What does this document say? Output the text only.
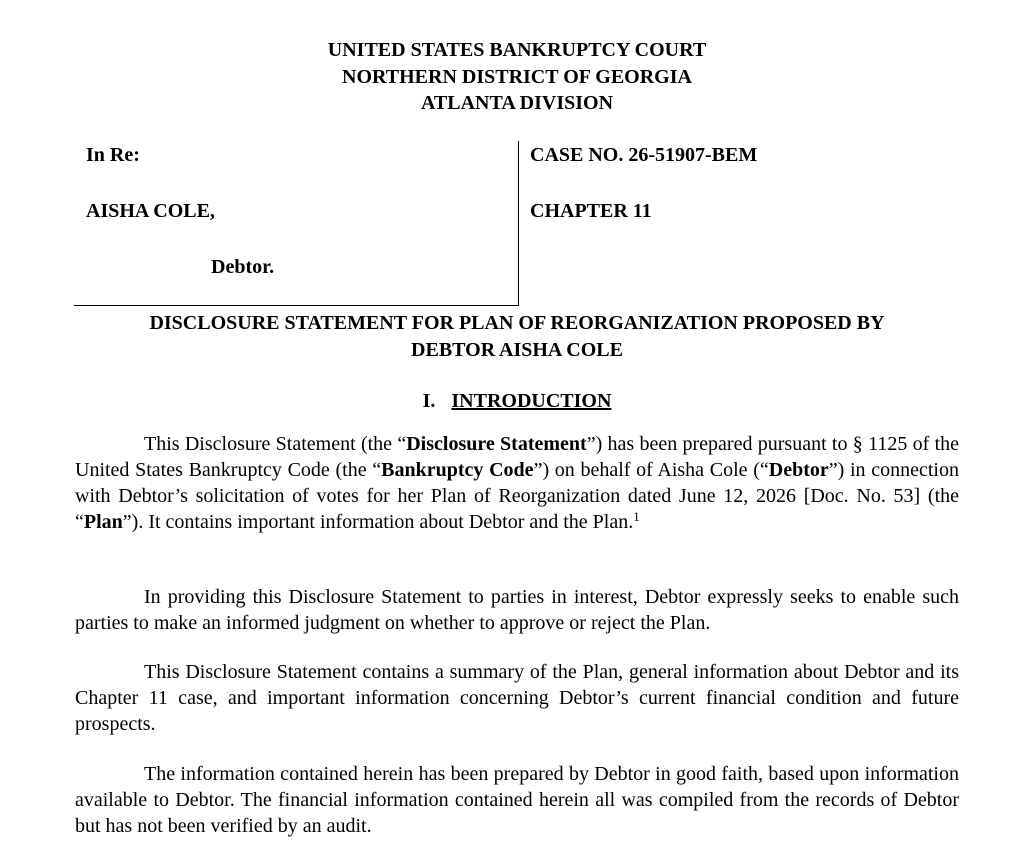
UNITED STATES BANKRUPTCY COURT
NORTHERN DISTRICT OF GEORGIA
ATLANTA DIVISION
In Re:
AISHA COLE,
Debtor.
CASE NO. 26-51907-BEM
CHAPTER 11
DISCLOSURE STATEMENT FOR PLAN OF REORGANIZATION PROPOSED BY
DEBTOR AISHA COLE
I. INTRODUCTION

This Disclosure Statement (the “Disclosure Statement”) has been prepared pursuant to § 1125 of the United States Bankruptcy Code (the “Bankruptcy Code”) on behalf of Aisha Cole (“Debtor”) in connection with Debtor’s solicitation of votes for her Plan of Reorganization dated June 12, 2026 [Doc. No. 53] (the “Plan”). It contains important information about Debtor and the Plan.$^1$

In providing this Disclosure Statement to parties in interest, Debtor expressly seeks to enable such parties to make an informed judgment on whether to approve or reject the Plan.

This Disclosure Statement contains a summary of the Plan, general information about Debtor and its Chapter 11 case, and important information concerning Debtor’s current financial condition and future prospects.

The information contained herein has been prepared by Debtor in good faith, based upon information available to Debtor. The financial information contained herein all was compiled from the records of Debtor but has not been verified by an audit.
